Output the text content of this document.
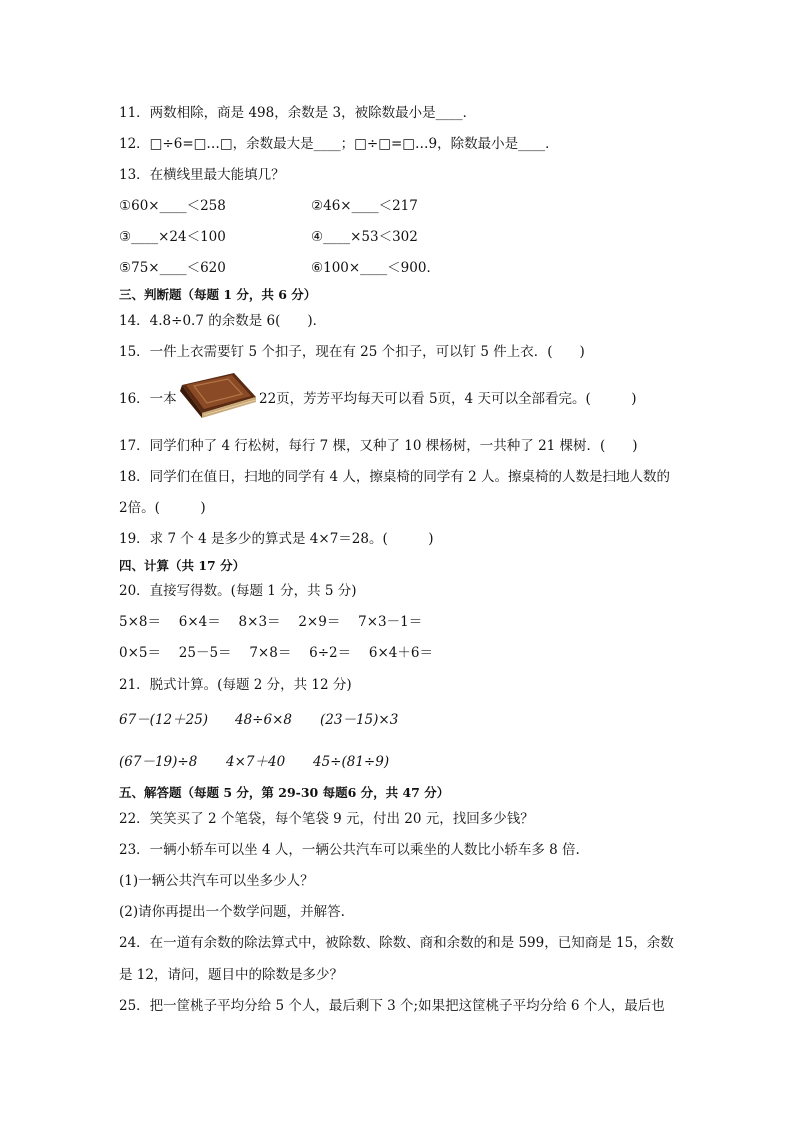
11．两数相除，商是 498，余数是 3，被除数最小是____．
12．□÷6=□…□，余数最大是____；□÷□=□…9，除数最小是____．
13．在横线里最大能填几？
①60×____＜258	②46×____＜217
③____×24＜100	④____×53＜302
⑤75×____＜620	⑥100×____＜900．
三、判断题（每题 1 分，共 6 分）
14．4.8÷0.7 的余数是 6(　　)．
15．一件上衣需要钉 5 个扣子，现在有 25 个扣子，可以钉 5 件上衣．(　　)
16．一本	22页，芳芳平均每天可以看 5页，4 天可以全部看完。(　　　)
17．同学们种了 4 行松树，每行 7 棵，又种了 10 棵杨树，一共种了 21 棵树．(　　)
18．同学们在值日，扫地的同学有 4 人，擦桌椅的同学有 2 人。擦桌椅的人数是扫地人数的
2倍。(　　　)
19．求 7 个 4 是多少的算式是 4×7＝28。(　　　)
四、计算（共 17 分）
20．直接写得数。(每题 1 分，共 5 分)
5×8＝　 6×4＝　 8×3＝　 2×9＝　 7×3－1＝
0×5＝　 25－5＝　 7×8＝　 6÷2＝　 6×4＋6＝
21．脱式计算。(每题 2 分，共 12 分)
67－(12＋25) 48÷6×8 (23－15)×3
(67－19)÷8 4×7＋40 45÷(81÷9)
五、解答题（每题 5 分，第 29-30 每题6 分，共 47 分）
22．笑笑买了 2 个笔袋，每个笔袋 9 元，付出 20 元，找回多少钱？
23．一辆小轿车可以坐 4 人，一辆公共汽车可以乘坐的人数比小轿车多 8 倍.
(1)一辆公共汽车可以坐多少人？
(2)请你再提出一个数学问题，并解答.
24．在一道有余数的除法算式中，被除数、除数、商和余数的和是 599，已知商是 15，余数
是 12，请问，题目中的除数是多少？
25．把一筐桃子平均分给 5 个人，最后剩下 3 个;如果把这筐桃子平均分给 6 个人，最后也
